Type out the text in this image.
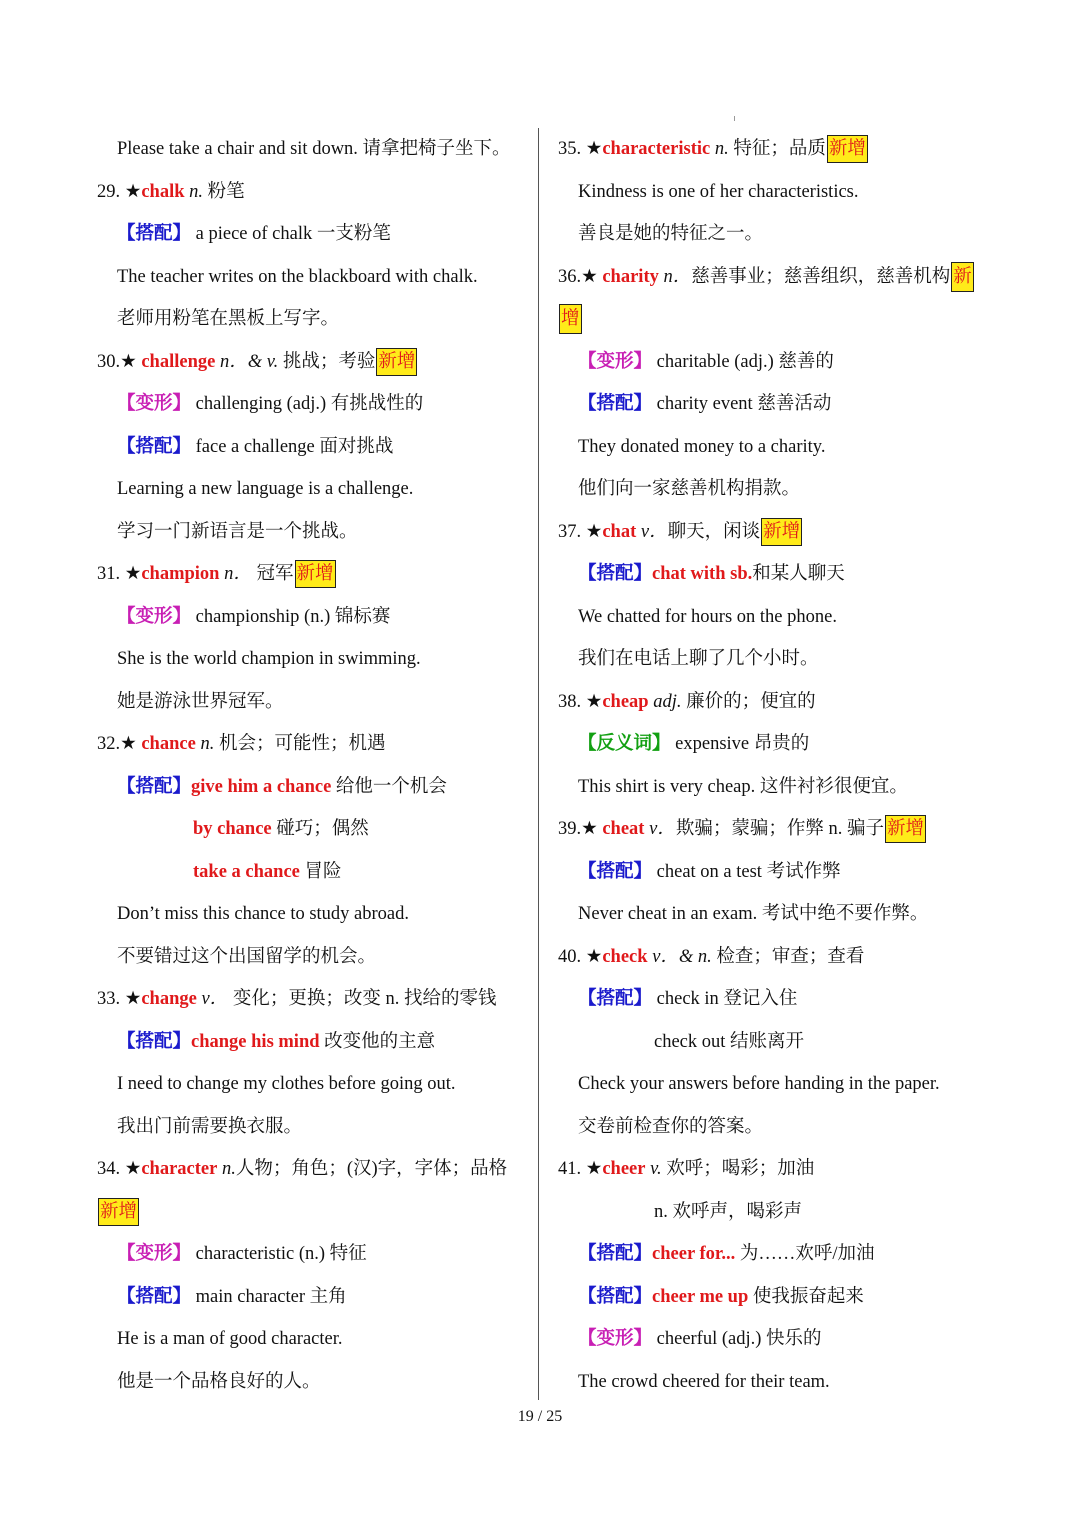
Please take a chair and sit down. 请拿把椅子坐下。
29. ★chalk n. 粉笔
【搭配】 a piece of chalk 一支粉笔
The teacher writes on the blackboard with chalk.
老师用粉笔在黑板上写字。
30.★ challenge n．& v. 挑战；考验 新增
【变形】 challenging (adj.) 有挑战性的
【搭配】 face a challenge 面对挑战
Learning a new language is a challenge.
学习一门新语言是一个挑战。
31. ★champion n． 冠军 新增
【变形】 championship (n.) 锦标赛
She is the world champion in swimming.
她是游泳世界冠军。
32.★ chance n. 机会；可能性；机遇
【搭配】give him a chance 给他一个机会
by chance 碰巧；偶然
take a chance 冒险
Don’t miss this chance to study abroad.
不要错过这个出国留学的机会。
33. ★change v． 变化；更换；改变 n. 找给的零钱
【搭配】change his mind 改变他的主意
I need to change my clothes before going out.
我出门前需要换衣服。
34. ★character n.人物；角色；(汉)字，字体；品格
新增
【变形】 characteristic (n.) 特征
【搭配】 main character 主角
He is a man of good character.
他是一个品格良好的人。
35. ★characteristic n. 特征；品质 新增
Kindness is one of her characteristics.
善良是她的特征之一。
36.★ charity n．慈善事业；慈善组织，慈善机构 新
增
【变形】 charitable (adj.) 慈善的
【搭配】 charity event 慈善活动
They donated money to a charity.
他们向一家慈善机构捐款。
37. ★chat v．聊天，闲谈 新增
【搭配】chat with sb.和某人聊天
We chatted for hours on the phone.
我们在电话上聊了几个小时。
38. ★cheap adj. 廉价的；便宜的
【反义词】 expensive 昂贵的
This shirt is very cheap. 这件衬衫很便宜。
39.★ cheat v．欺骗；蒙骗；作弊 n. 骗子 新增
【搭配】 cheat on a test 考试作弊
Never cheat in an exam. 考试中绝不要作弊。
40. ★check v．& n. 检查；审查；查看
【搭配】 check in 登记入住
check out 结账离开
Check your answers before handing in the paper.
交卷前检查你的答案。
41. ★cheer v. 欢呼；喝彩；加油
n. 欢呼声，喝彩声
【搭配】cheer for... 为……欢呼/加油
【搭配】cheer me up 使我振奋起来
【变形】 cheerful (adj.) 快乐的
The crowd cheered for their team.
19 / 25
